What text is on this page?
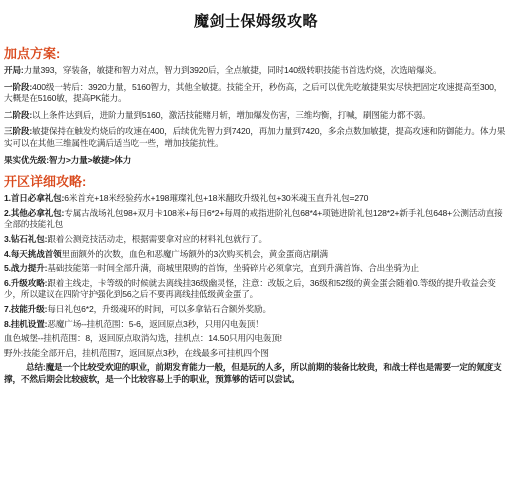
魔剑士保姆级攻略
加点方案:

开局:力量393，穿装备，敏捷和智力对点，智力到3920后，全点敏捷，同时140级转职技能书首选灼烧，次选暗爆炎。

一阶段:400级一转后：3920力量，5160智力，其他全敏捷。技能全开，秒伤高，之后可以优先吃敏捷果实尽快把固定攻速提高至300，大概是在5160敏，提高PK能力。

二阶段:以上条件达到后，进阶力量到5160，激活技能赌月斩，增加爆发伤害，三维均衡，打喊，刷图能力都不弱。

三阶段:敏捷保持在触发灼烧后的攻速在400，后续优先智力到7420，再加力量到7420，多余点数加敏捷，提高攻速和防御能力。体力果实可以在其他三维属性吃满后适当吃一些，增加技能抗性。

果实优先级:智力>力量>敏捷>体力

开区详细攻略:

1.首日必拿礼包:6米首充+18米经验药水+198璀璨礼包+18米翻玫升级礼包+30米魂玉直升礼包=270

2.其他必拿礼包:专属古战场礼包98+双月卡108米+每日6*2+每周的戒指进阶礼包68*4+项链进阶礼包128*2+新手礼包648+公测活动直接全部的技能礼包

3.钻石礼包:跟着公测竞技活动走，根据需要拿对应的材料礼包就行了。

4.每天挑战首领里面额外的次数，血色和恶魔广场额外的3次购买机会，黄金蛋商店刷满

5.战力提升:基础技能第一时间全部升满，商城里限购的首饰，坐骑碎片必须拿完，直到升满首饰、合出坐骑为止

6.升级攻略:跟着主线走，卡等级的时候就去离线挂36级幽灵怪，注意：改版之后，36级和52级的黄金蛋会随着0.等级的提升收益会变少，所以建议在四阶守护强化到56之后不要再离线挂低级黄金蛋了。

7.技能升级:每日礼包6*2，升级魂环的时间，可以多拿钻石合额外奖励。

8.挂机设置:恶魔广场--挂机范围：5-6，返回原点3秒，只用闪电轰顶！

血色城堡--挂机范围：8，返回原点取消勾选，挂机点：14.50只用闪电轰顶!

野外:技能全部开启，挂机范围7，返回原点3秒，在线最多可挂机四个图

总结:魔是一个比较受欢迎的职业，前期发育能力一般，但是玩的人多，所以前期的装备比较贵，和战士样也是需要一定的氪度支撑，不然后期会比较疲软，是一个比较容易上手的职业，预算够的话可以尝试。
